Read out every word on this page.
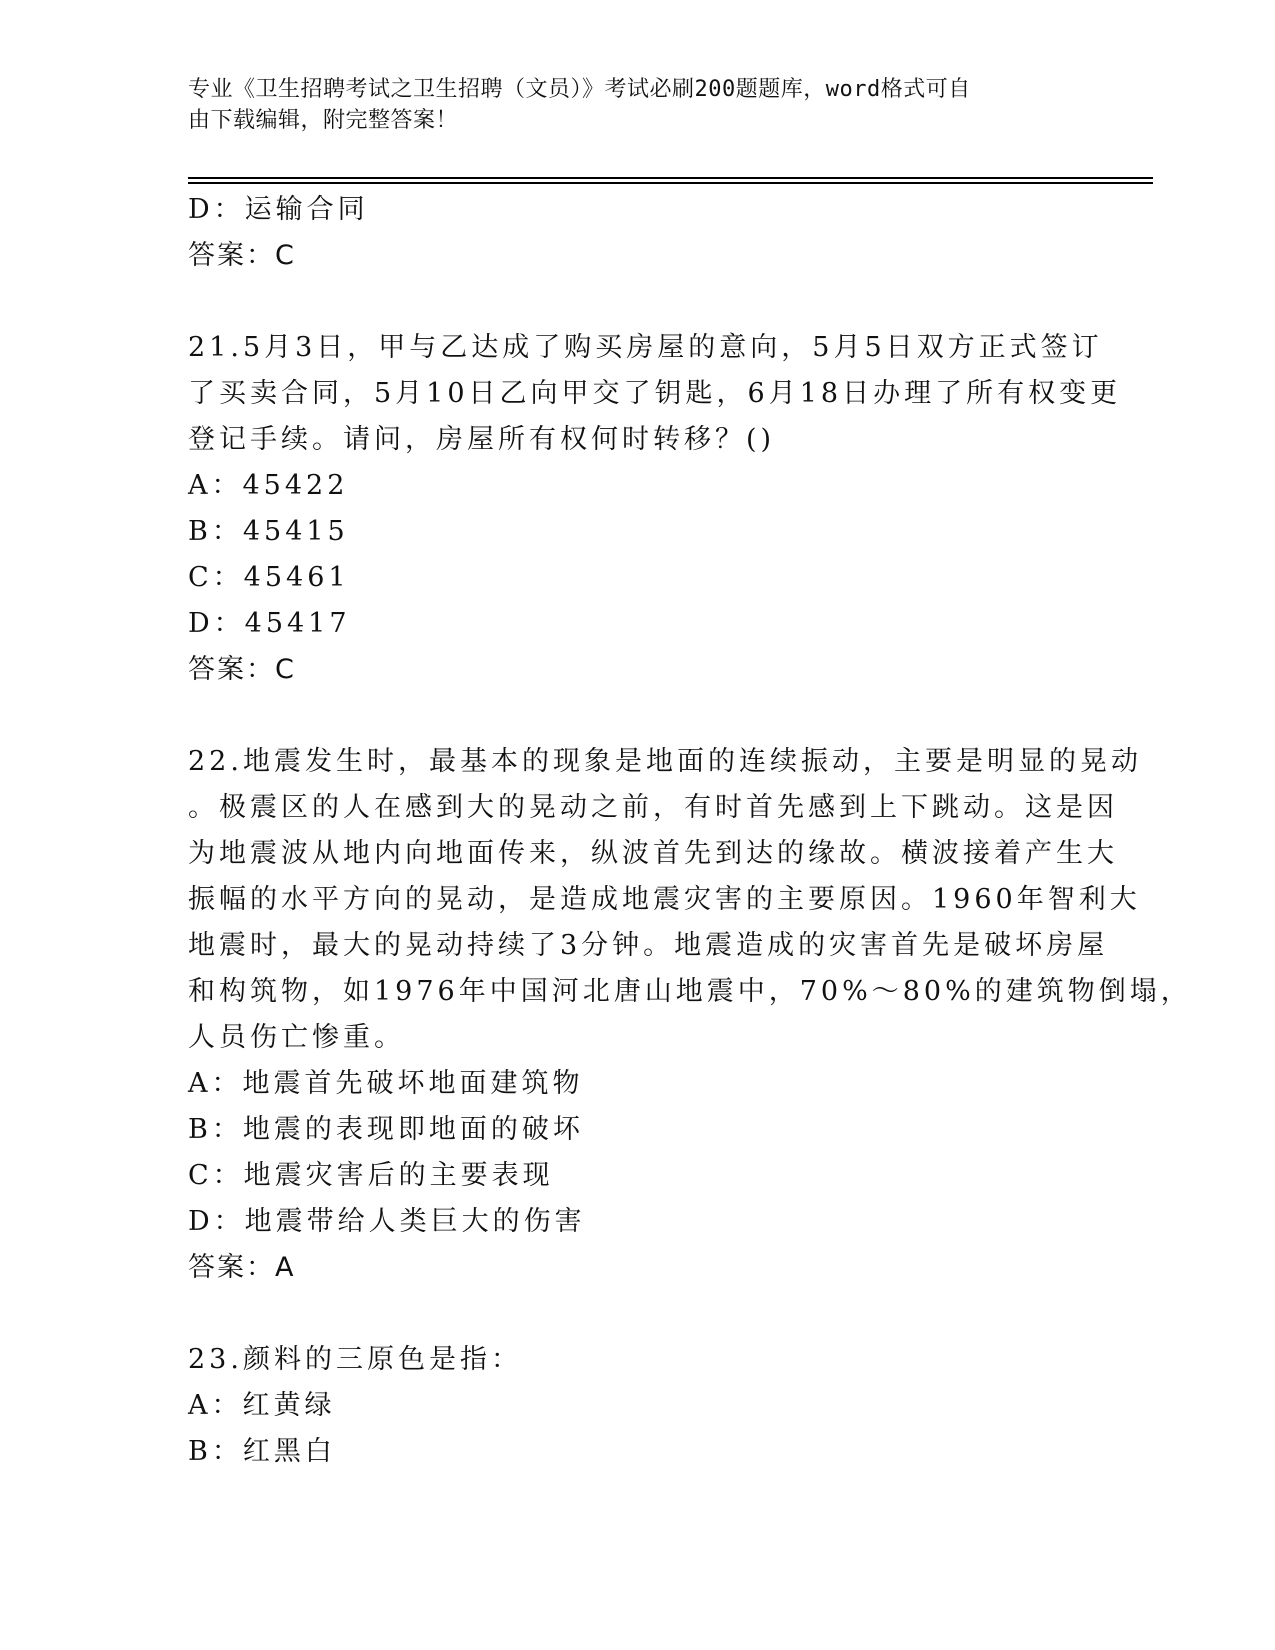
专业《卫生招聘考试之卫生招聘（文员）》考试必刷200题题库，word格式可自
由下载编辑，附完整答案！
D：运输合同
答案：C
21.5月3日，甲与乙达成了购买房屋的意向，5月5日双方正式签订
了买卖合同，5月10日乙向甲交了钥匙，6月18日办理了所有权变更
登记手续。请问，房屋所有权何时转移？()
A：45422
B：45415
C：45461
D：45417
答案：C
22.地震发生时，最基本的现象是地面的连续振动，主要是明显的晃动
。极震区的人在感到大的晃动之前，有时首先感到上下跳动。这是因
为地震波从地内向地面传来，纵波首先到达的缘故。横波接着产生大
振幅的水平方向的晃动，是造成地震灾害的主要原因。1960年智利大
地震时，最大的晃动持续了3分钟。地震造成的灾害首先是破坏房屋
和构筑物，如1976年中国河北唐山地震中，70%～80%的建筑物倒塌，
人员伤亡惨重。
A：地震首先破坏地面建筑物
B：地震的表现即地面的破坏
C：地震灾害后的主要表现
D：地震带给人类巨大的伤害
答案：A
23.颜料的三原色是指：
A：红黄绿
B：红黑白
